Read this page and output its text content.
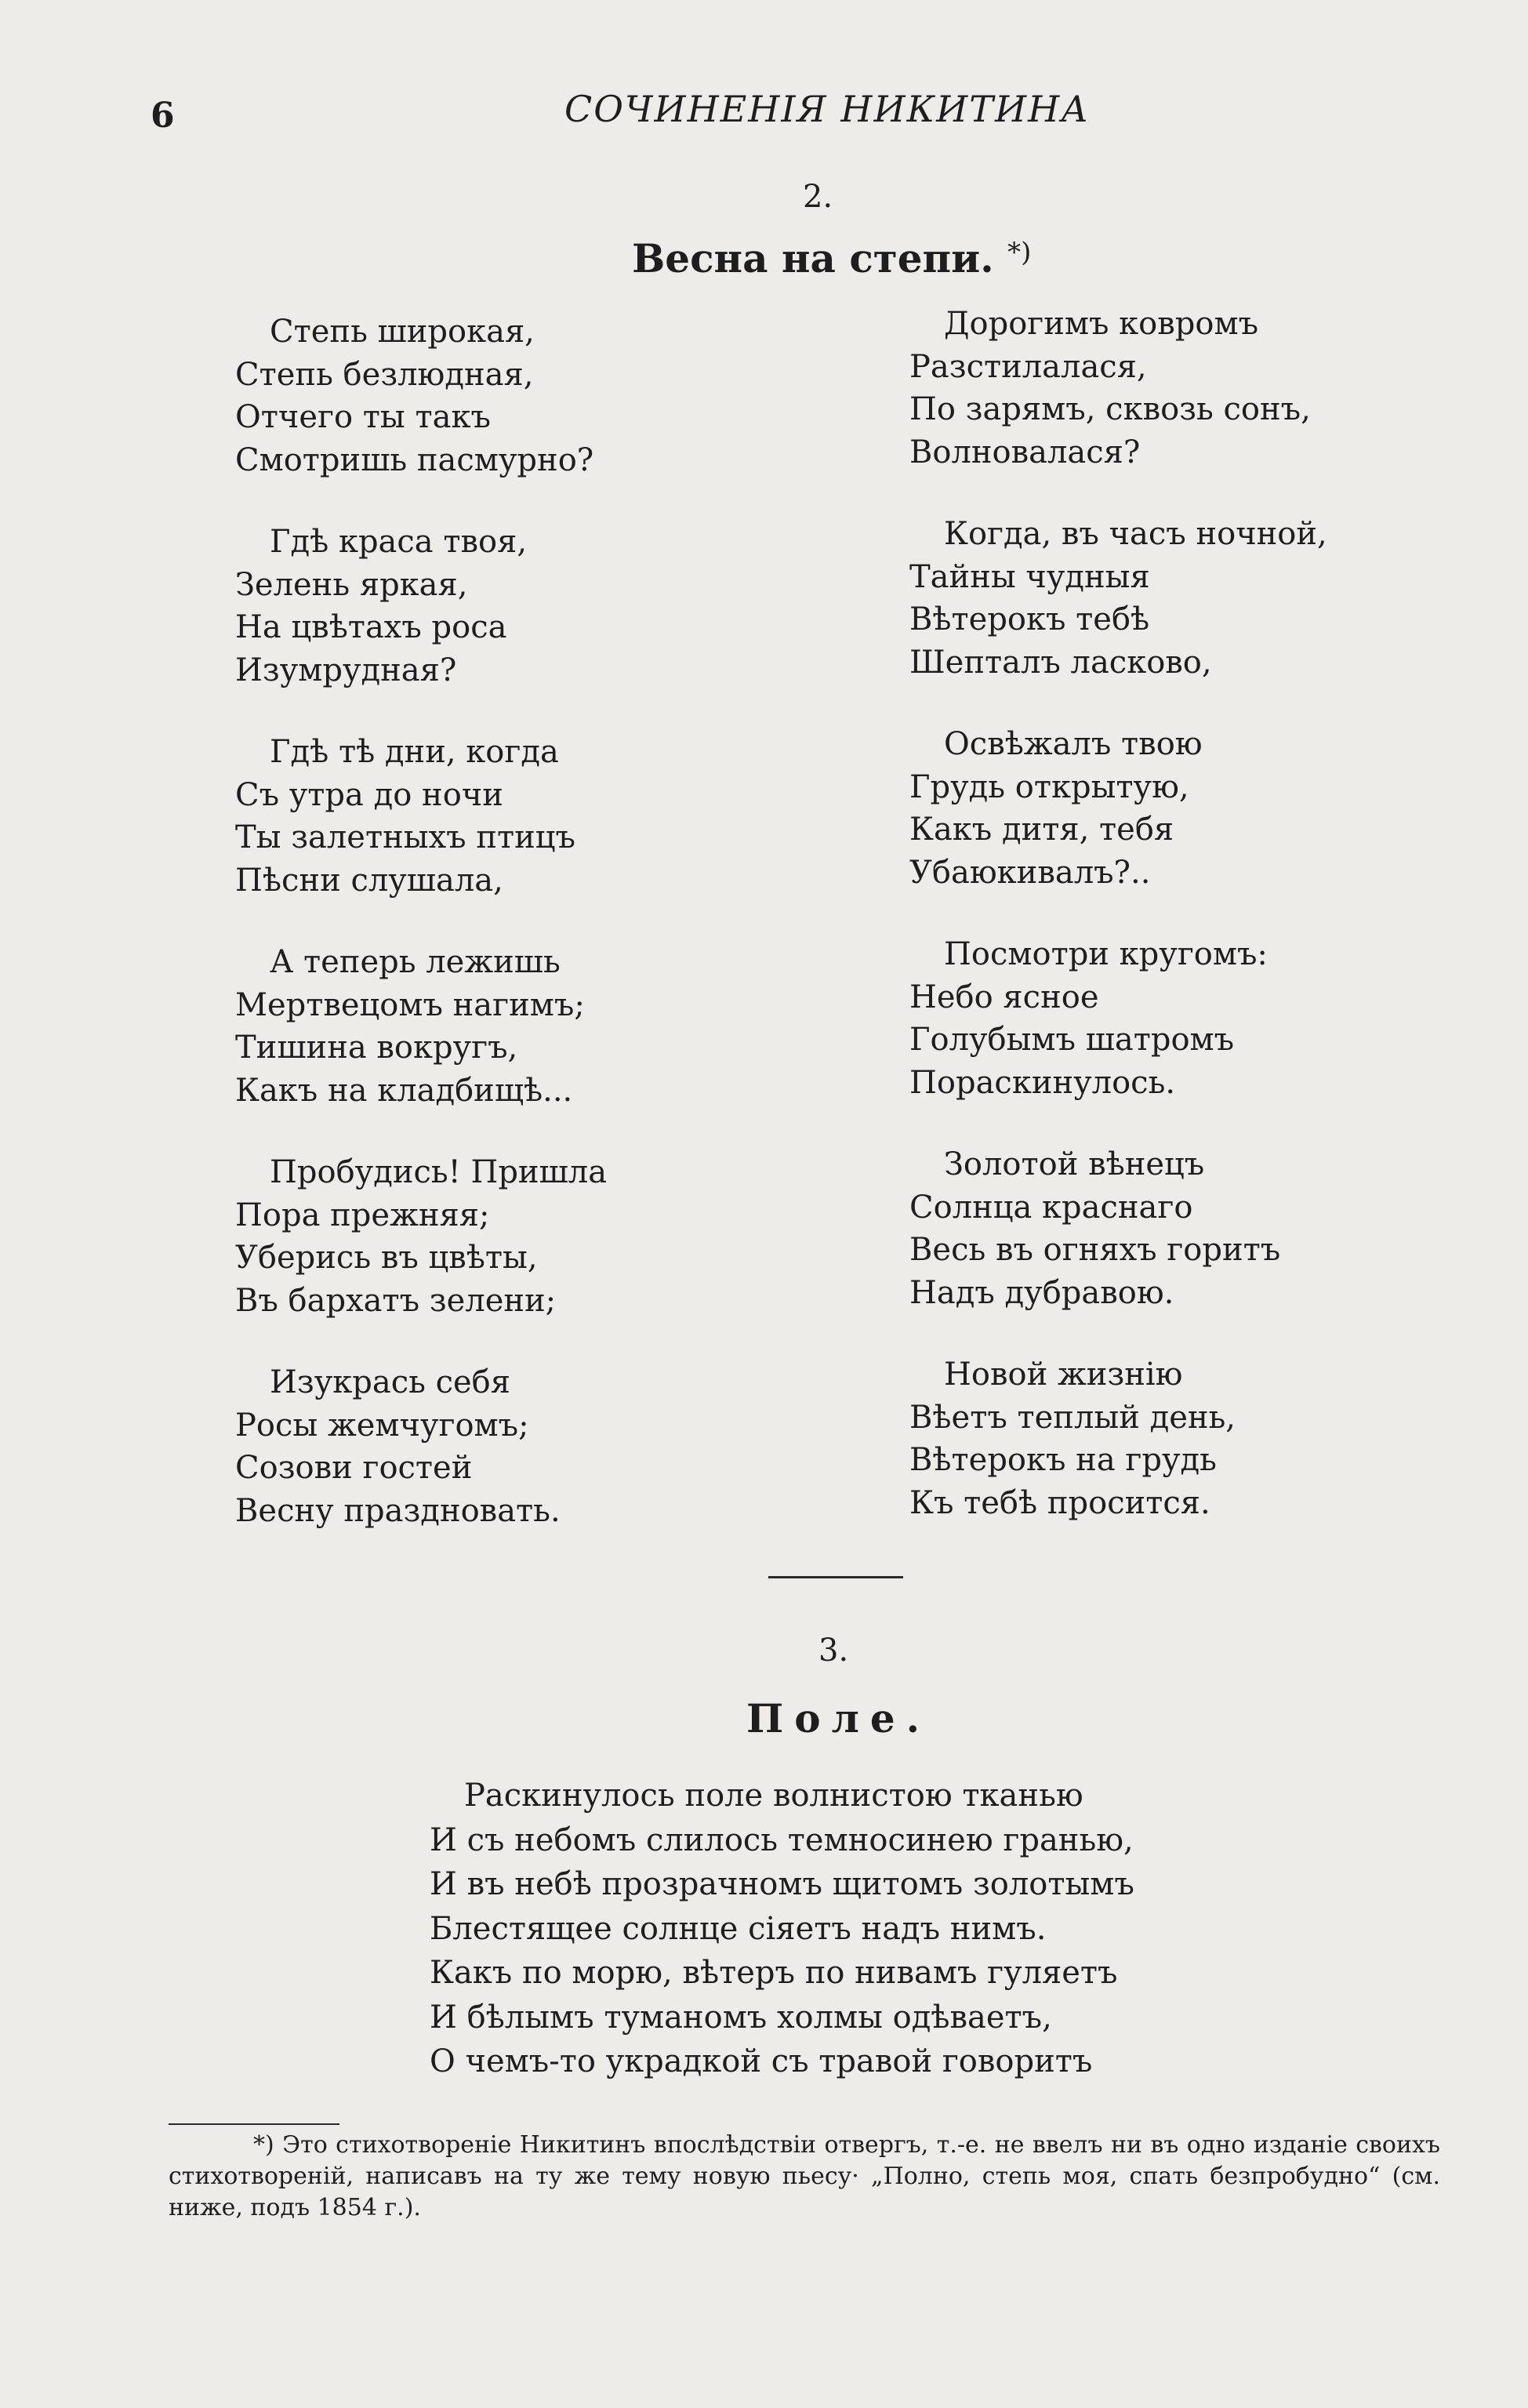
6	СОЧИНЕНІЯ НИКИТИНА
2.
Весна на степи. *)
Степь широкая,
Степь безлюдная,
Отчего ты такъ
Смотришь пасмурно?
Гдѣ краса твоя,
Зелень яркая,
На цвѣтахъ роса
Изумрудная?
Гдѣ тѣ дни, когда
Съ утра до ночи
Ты залетныхъ птицъ
Пѣсни слушала,
А теперь лежишь
Мертвецомъ нагимъ;
Тишина вокругъ,
Какъ на кладбищѣ...
Пробудись! Пришла
Пора прежняя;
Уберись въ цвѣты,
Въ бархатъ зелени;
Изукрась себя
Росы жемчугомъ;
Созови гостей
Весну праздновать.
Дорогимъ ковромъ
Разстилалася,
По зарямъ, сквозь сонъ,
Волновалася?
Когда, въ часъ ночной,
Тайны чудныя
Вѣтерокъ тебѣ
Шепталъ ласково,
Освѣжалъ твою
Грудь открытую,
Какъ дитя, тебя
Убаюкивалъ?..
Посмотри кругомъ:
Небо ясное
Голубымъ шатромъ
Пораскинулось.
Золотой вѣнецъ
Солнца краснаго
Весь въ огняхъ горитъ
Надъ дубравою.
Новой жизнію
Вѣетъ теплый день,
Вѣтерокъ на грудь
Къ тебѣ просится.
3.
Поле.
Раскинулось поле волнистою тканью
И съ небомъ слилось темносинею гранью,
И въ небѣ прозрачномъ щитомъ золотымъ
Блестящее солнце сіяетъ надъ нимъ.
Какъ по морю, вѣтеръ по нивамъ гуляетъ
И бѣлымъ туманомъ холмы одѣваетъ,
О чемъ-то украдкой съ травой говоритъ
*) Это стихотвореніе Никитинъ впослѣдствіи отвергъ, т.-е. не ввелъ ни въ одно изданіе своихъ стихотвореній, написавъ на ту же тему новую пьесу· „Полно, степь моя, спать безпробудно“ (см. ниже, подъ 1854 г.).
